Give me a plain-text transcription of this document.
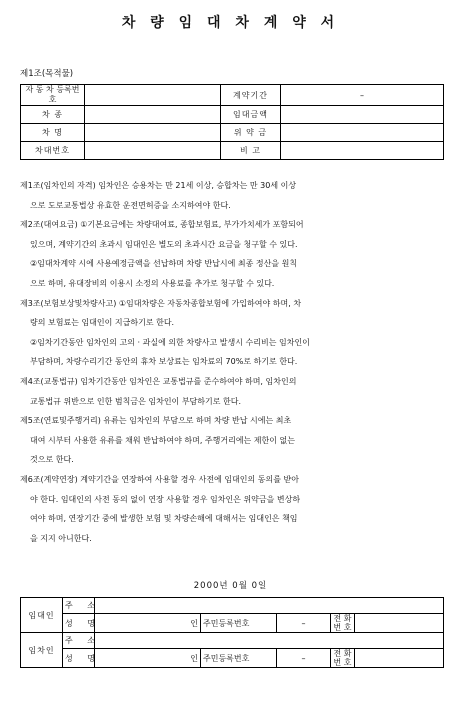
차 량 임 대 차 계 약 서
제1조(목적물)
자 동 차 등록번호		계약기간	–
차 종		임대금액	
차 명		위 약 금	
차대번호		비 고	

제1조(임차인의 자격) 임차인은 승용차는 만 21세 이상, 승합차는 만 30세 이상

으로 도로교통법상 유효한 운전면허증을 소지하여야 한다.

제2조(대여요금) ①기본요금에는 차량대여료, 종합보험료, 부가가치세가 포함되어

있으며, 계약기간의 초과시 임대인은 별도의 초과시간 요금을 청구할 수 있다.

②임대차계약 시에 사용예정금액을 선납하며 차량 반납시에 최종 정산을 원칙

으로 하며, 유대장비의 이용시 소정의 사용료를 추가로 청구할 수 있다.

제3조(보험보상및차량사고) ①임대차량은 자동차종합보험에 가입하여야 하며, 차

량의 보험료는 임대인이 지급하기로 한다.

②임차기간동안 임차인의 고의 · 과실에 의한 차량사고 발생시 수리비는 임차인이

부담하며, 차량수리기간 동안의 휴차 보상료는 임차료의 70%로 하기로 한다.

제4조(교통법규) 임차기간동안 임차인은 교통법규를 준수하여야 하며, 임차인의

교통법규 위반으로 인한 범칙금은 임차인이 부담하기로 한다.

제5조(연료및주행거리) 유류는 임차인의 부담으로 하며 차량 반납 시에는 최초

대여 시부터 사용한 유류를 채워 반납하여야 하며, 주행거리에는 제한이 없는

것으로 한다.

제6조(계약연장) 계약기간을 연장하여 사용할 경우 사전에 임대인의 동의를 받아

야 한다. 임대인의 사전 동의 없이 연장 사용할 경우 임차인은 위약금을 변상하

여야 하며, 연장기간 중에 발생한 보험 및 차량손해에 대해서는 임대인은 책임

을 지지 아니한다.

2000년 0월 0일
임대인	주 소					
	성 명	인	주민등록번호	–	전 화 번 호	
임차인	주 소					
	성 명	인	주민등록번호	–	전 화 번 호	
